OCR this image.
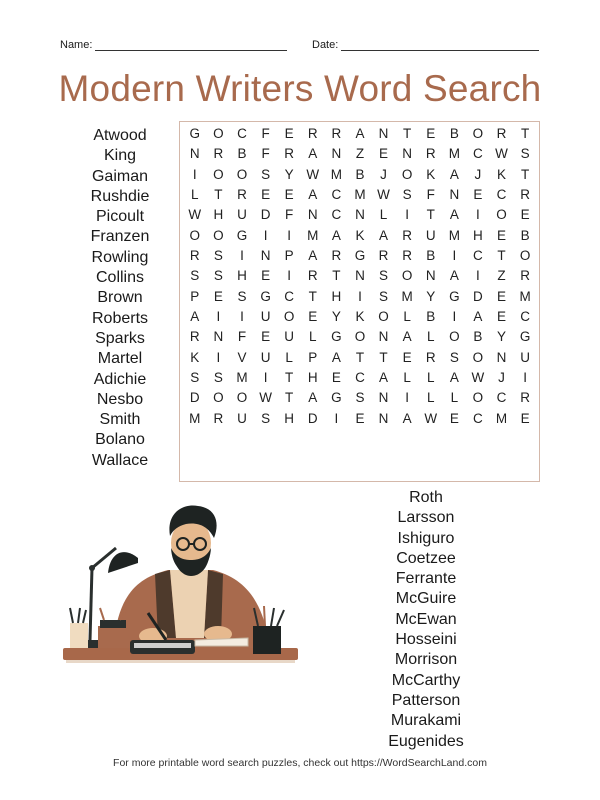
Name:	Date:
Modern Writers Word Search
Atwood
King
Gaiman
Rushdie
Picoult
Franzen
Rowling
Collins
Brown
Roberts
Sparks
Martel
Adichie
Nesbo
Smith
Bolano
Wallace
G O C	F	E	R	R	A	N	T	E	B	O R	T
N	R	B	F	R	A	N	Z	E	N	R M C W S
I	O O	S	Y W M B	J	O	K	A	J	K	T
L	T	R	E	E	A	C M W S	F	N	E	C	R
W H	U	D	F	N	C	N	L	I	T	A	I	O	E
O O G	I	I	M A	K	A	R	U M H	E	B
R	S	I	N	P	A	R G R	R	B	I	C	T	O
S	S	H	E	I	R	T	N	S	O N	A	I	Z	R
P	E	S	G C	T	H	I	S M Y	G D	E M
A	I	I	U O	E	Y	K	O	L	B	I	A	E	C
R	N	F	E	U	L	G O N	A	L	O	B	Y	G
K	I	V	U	L	P	A	T	T	E	R	S	O N	U
S	S M	I	T	H	E	C	A	L	L	A W	J	I
D O O W T	A	G	S	N	I	L	L	O C	R
M R	U	S	H	D	I	E	N	A W E	C M E
Roth
Larsson
Ishiguro
Coetzee
Ferrante
McGuire
McEwan
Hosseini
Morrison
McCarthy
Patterson
Murakami
Eugenides
For more printable word search puzzles, check out https://WordSearchLand.com
